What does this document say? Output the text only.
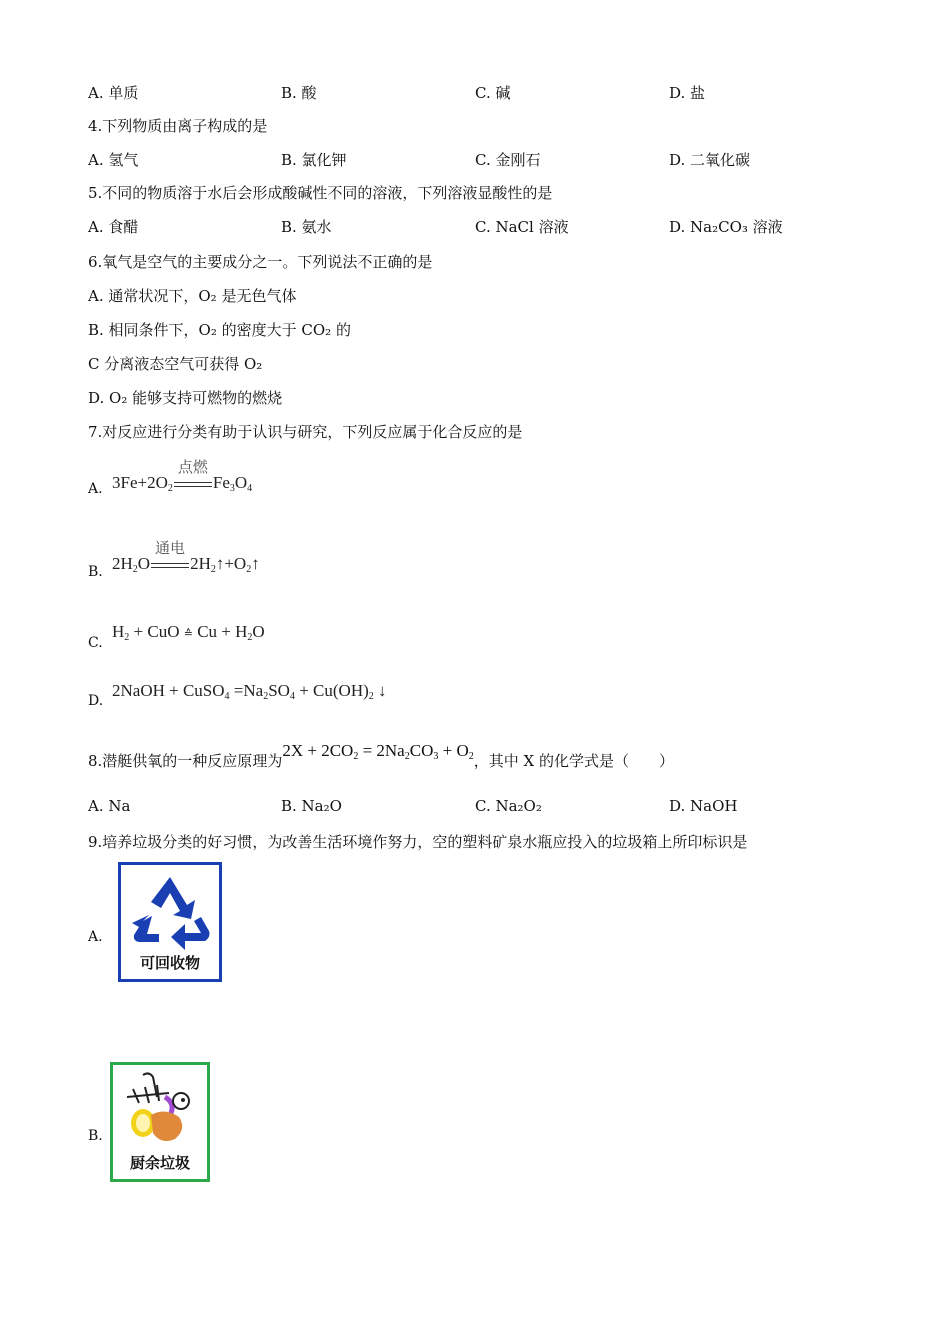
A. 单质	B. 酸	C. 碱	D. 盐
4.下列物质由离子构成的是
A. 氢气	B. 氯化钾	C. 金刚石	D. 二氧化碳
5.不同的物质溶于水后会形成酸碱性不同的溶液，下列溶液显酸性的是
A. 食醋	B. 氨水	C. NaCl 溶液	D. Na₂CO₃ 溶液
6.氧气是空气的主要成分之一。下列说法不正确的是
A. 通常状况下，O₂ 是无色气体
B. 相同条件下，O₂ 的密度大于 CO₂ 的
C 分离液态空气可获得 O₂
D. O₂ 能够支持可燃物的燃烧
7.对反应进行分类有助于认识与研究，下列反应属于化合反应的是
A. $3Fe+2O_2$
点燃
$Fe_3O_4$
B. $2H_2O$
通电
$2H_2↑+O_2↑$
C.
$H_2$ + CuO ≙ $Cu + H_2O$
D.
2NaOH + CuSO$_4$ $=Na_2SO_4 + Cu(OH)_2$ ↓
8.潜艇供氧的一种反应原理为$2X + 2CO_2 = 2Na_2CO_3 + O_2$，其中 X 的化学式是（　　）
A. Na	B. Na₂O	C. Na₂O₂	D. NaOH
9.培养垃圾分类的好习惯，为改善生活环境作努力，空的塑料矿泉水瓶应投入的垃圾箱上所印标识是
A.
可回收物
B.
厨余垃圾
